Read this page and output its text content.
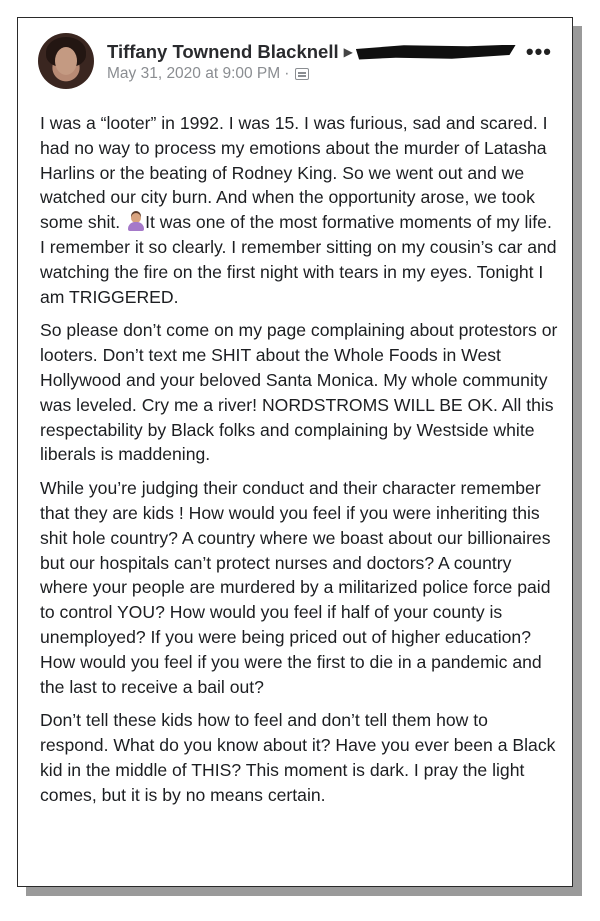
Tiffany Townend Blacknell ▶	•••
May 31, 2020 at 9:00 PM ·

I was a “looter” in 1992. I was 15. I was furious, sad and scared. I had no way to process my emotions about the murder of Latasha Harlins or the beating of Rodney King. So we went out and we watched our city burn. And when the opportunity arose, we took some shit. It was one of the most formative moments of my life. I remember it so clearly. I remember sitting on my cousin’s car and watching the fire on the first night with tears in my eyes. Tonight I am TRIGGERED.

So please don’t come on my page complaining about protestors or looters. Don’t text me SHIT about the Whole Foods in West Hollywood and your beloved Santa Monica. My whole community was leveled. Cry me a river! NORDSTROMS WILL BE OK. All this respectability by Black folks and complaining by Westside white liberals is maddening.

While you’re judging their conduct and their character remember that they are kids ! How would you feel if you were inheriting this shit hole country? A country where we boast about our billionaires but our hospitals can’t protect nurses and doctors? A country where your people are murdered by a militarized police force paid to control YOU? How would you feel if half of your county is unemployed? If you were being priced out of higher education? How would you feel if you were the first to die in a pandemic and the last to receive a bail out?

Don’t tell these kids how to feel and don’t tell them how to respond. What do you know about it? Have you ever been a Black kid in the middle of THIS? This moment is dark. I pray the light comes, but it is by no means certain.
